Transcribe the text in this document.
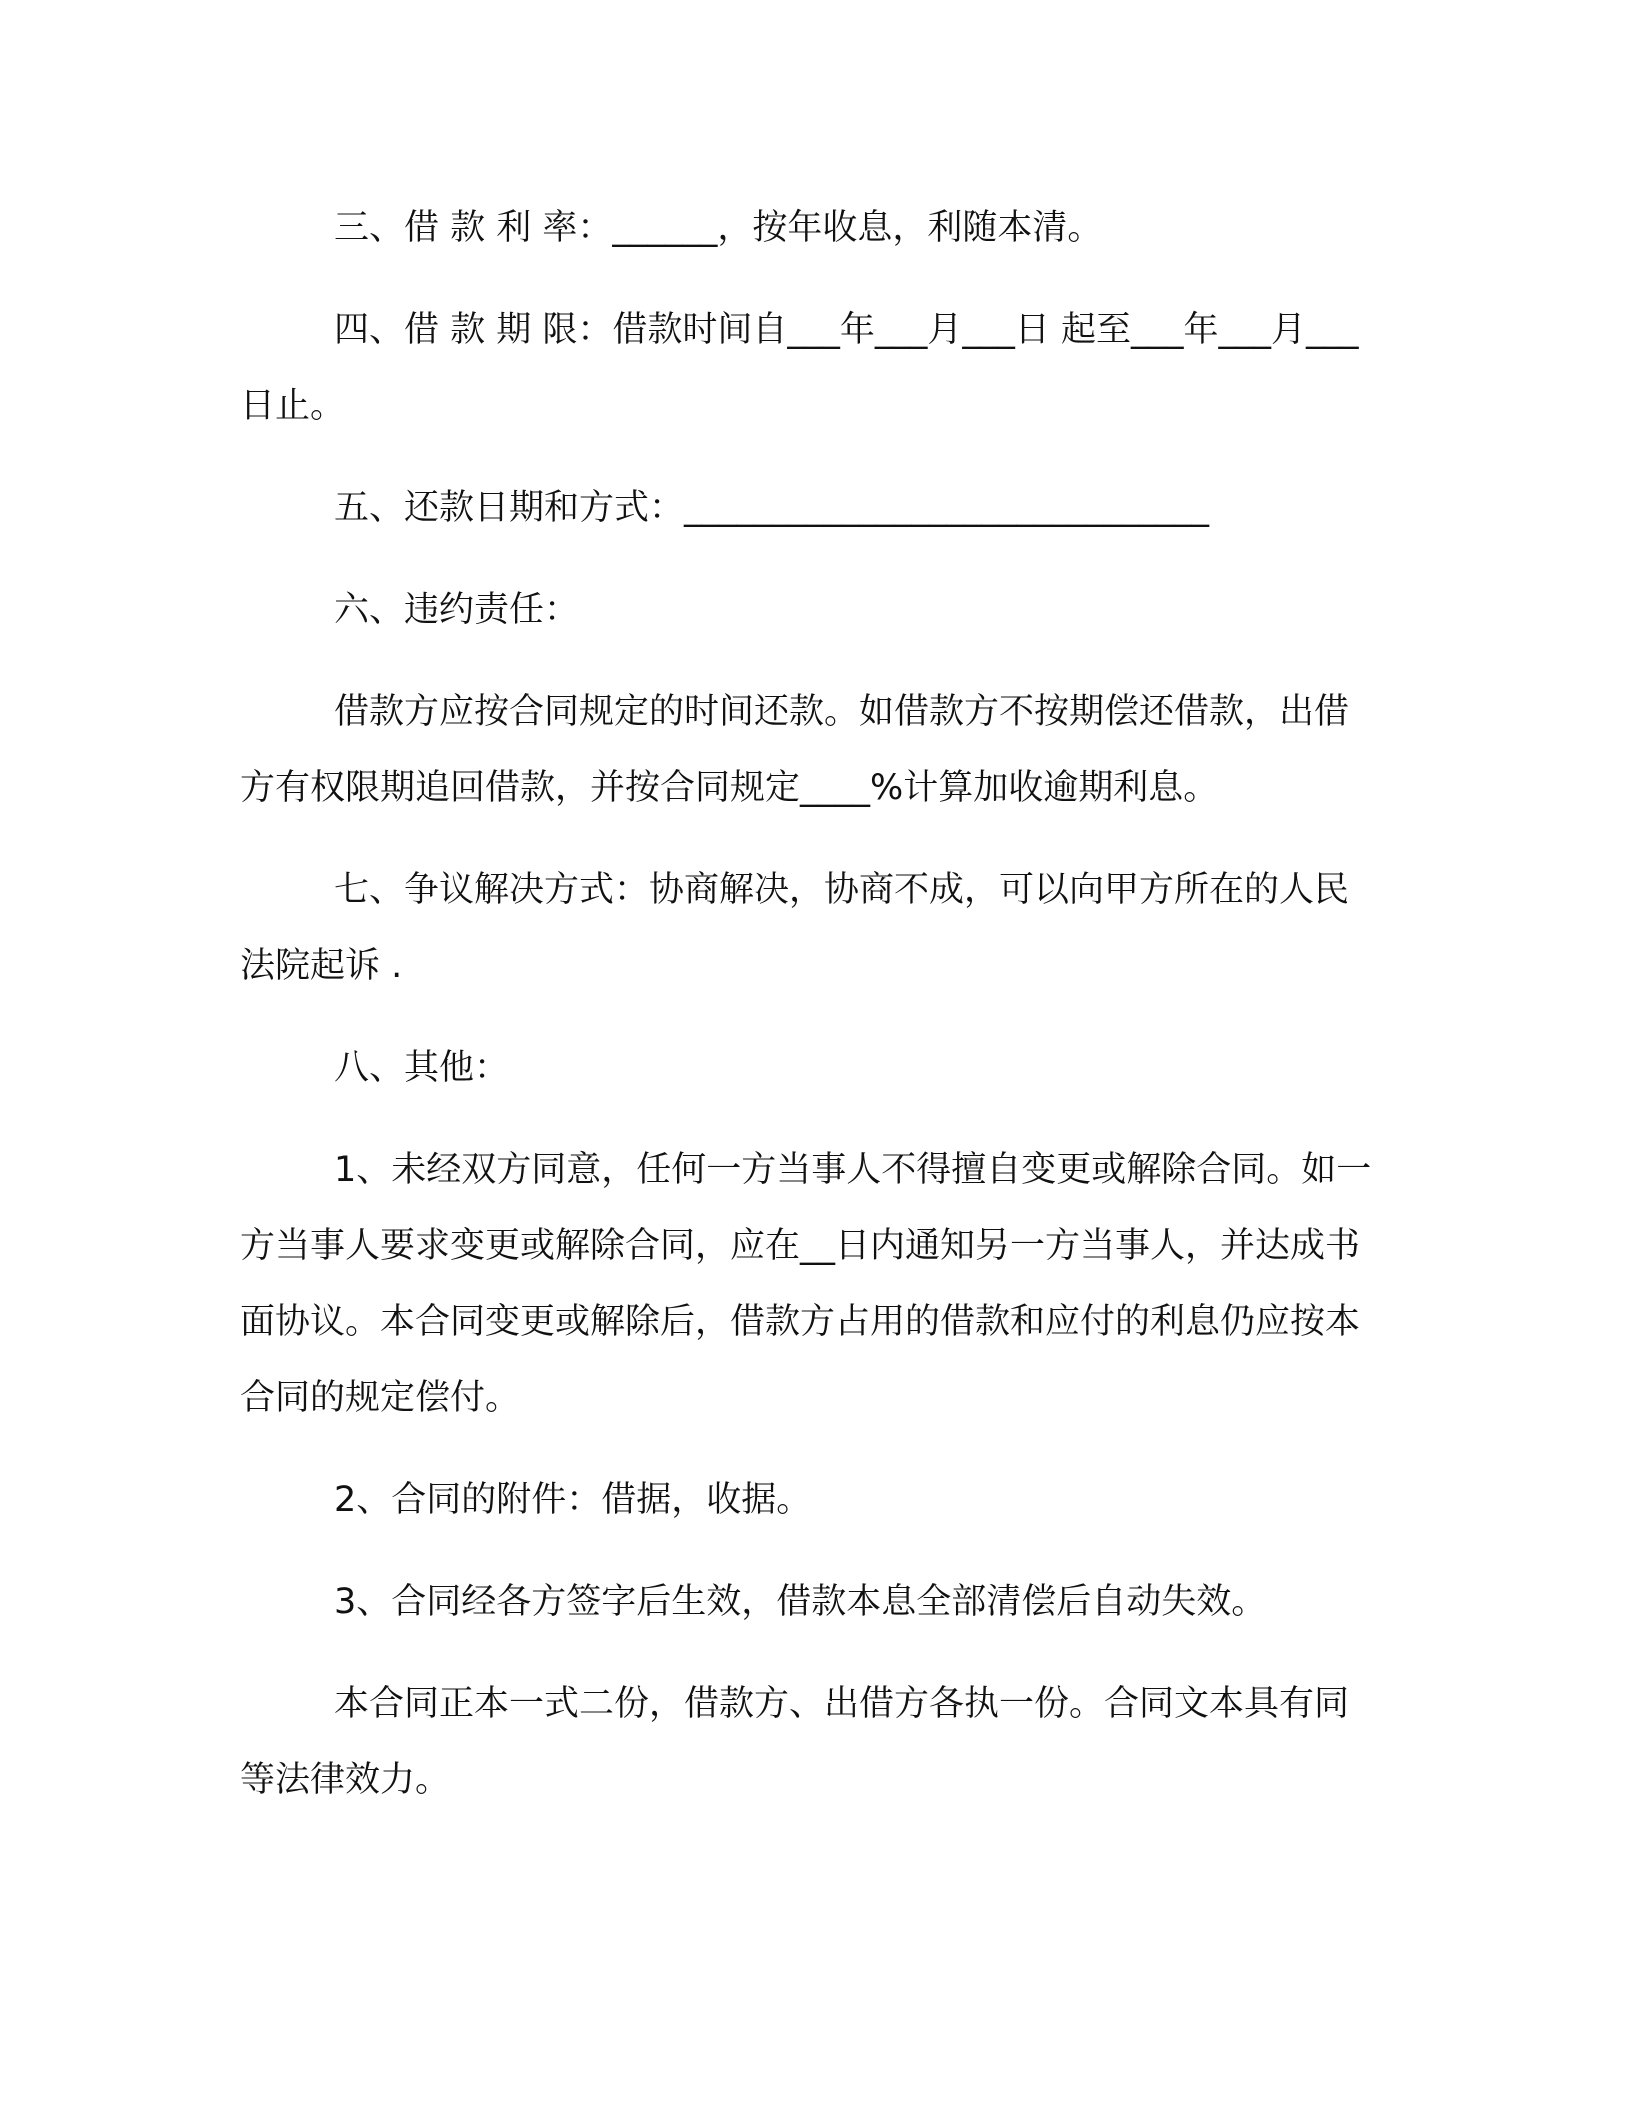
三、借 款 利 率：______，按年收息，利随本清。

四、借 款 期 限：借款时间自___年___月___日 起至___年___月___ 日止。

五、还款日期和方式：______________________________

六、违约责任：

借款方应按合同规定的时间还款。如借款方不按期偿还借款，出借方有权限期追回借款，并按合同规定____%计算加收逾期利息。

七、争议解决方式：协商解决，协商不成，可以向甲方所在的人民法院起诉 .

八、其他：

1、未经双方同意，任何一方当事人不得擅自变更或解除合同。如一方当事人要求变更或解除合同，应在__日内通知另一方当事人，并达成书面协议。本合同变更或解除后，借款方占用的借款和应付的利息仍应按本合同的规定偿付。

2、合同的附件：借据，收据。

3、合同经各方签字后生效，借款本息全部清偿后自动失效。

本合同正本一式二份，借款方、出借方各执一份。合同文本具有同等法律效力。
